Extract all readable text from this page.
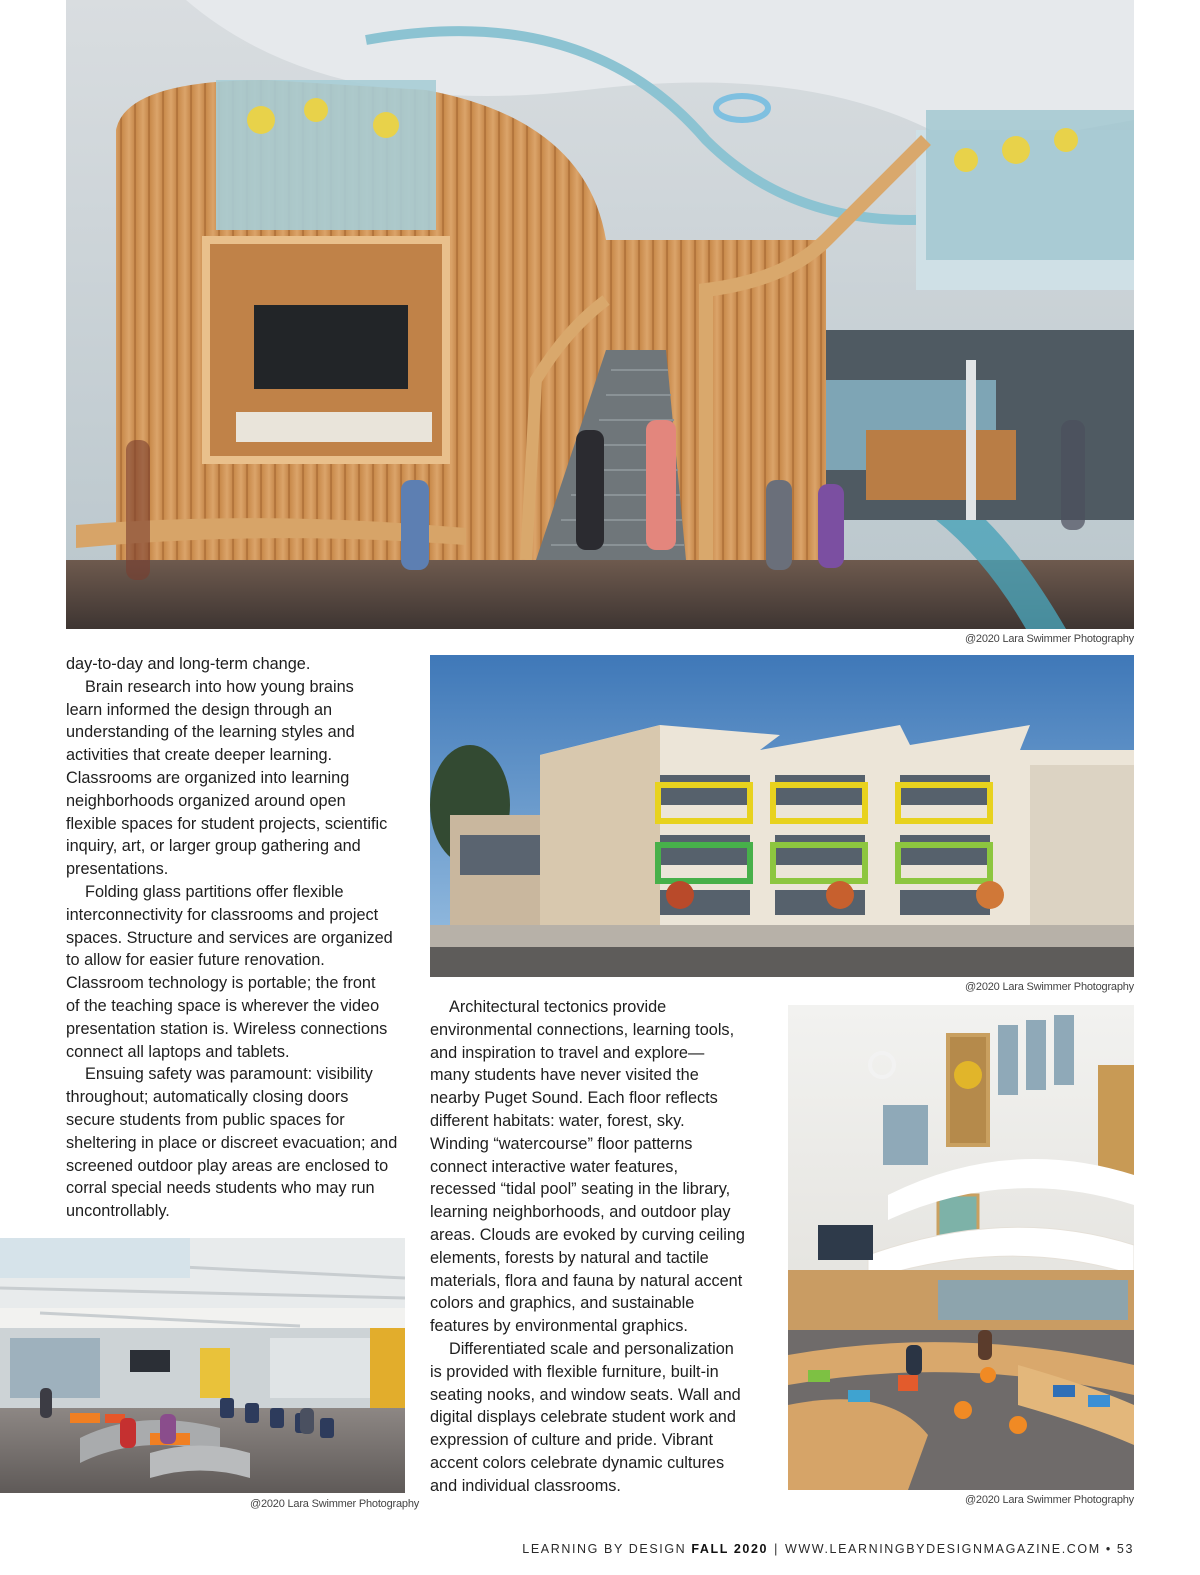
@2020 Lara Swimmer Photography
@2020 Lara Swimmer Photography

day-to-day and long-term change.

Brain research into how young brains
learn informed the design through an
understanding of the learning styles and
activities that create deeper learning.
Classrooms are organized into learning
neighborhoods organized around open
flexible spaces for student projects, scientific
inquiry, art, or larger group gathering and
presentations.

Folding glass partitions offer flexible
interconnectivity for classrooms and project
spaces. Structure and services are organized
to allow for easier future renovation.
Classroom technology is portable; the front
of the teaching space is wherever the video
presentation station is. Wireless connections
connect all laptops and tablets.

Ensuing safety was paramount: visibility
throughout; automatically closing doors
secure students from public spaces for
sheltering in place or discreet evacuation; and
screened outdoor play areas are enclosed to
corral special needs students who may run
uncontrollably.

Architectural tectonics provide
environmental connections, learning tools,
and inspiration to travel and explore—
many students have never visited the
nearby Puget Sound. Each floor reflects
different habitats: water, forest, sky.
Winding “watercourse” floor patterns
connect interactive water features,
recessed “tidal pool” seating in the library,
learning neighborhoods, and outdoor play
areas. Clouds are evoked by curving ceiling
elements, forests by natural and tactile
materials, flora and fauna by natural accent
colors and graphics, and sustainable
features by environmental graphics.

Differentiated scale and personalization
is provided with flexible furniture, built-in
seating nooks, and window seats. Wall and
digital displays celebrate student work and
expression of culture and pride. Vibrant
accent colors celebrate dynamic cultures
and individual classrooms.

@2020 Lara Swimmer Photography
@2020 Lara Swimmer Photography
LEARNING BY DESIGN FALL 2020 | WWW.LEARNINGBYDESIGNMAGAZINE.COM • 53
